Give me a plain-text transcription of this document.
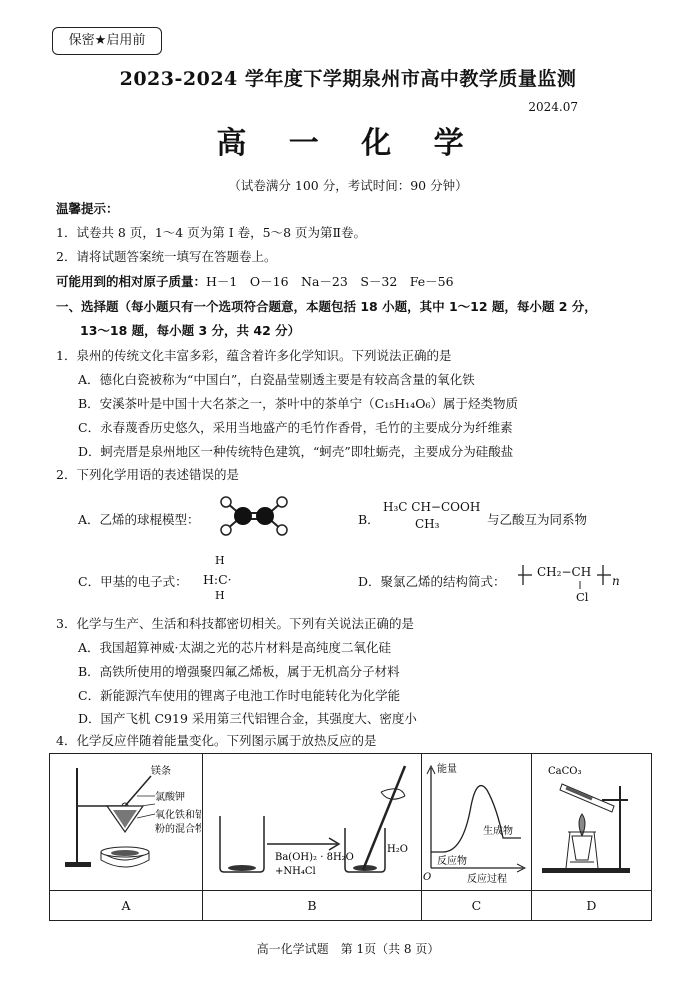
保密★启用前
2023-2024 学年度下学期泉州市高中教学质量监测
2024.07
高 一 化 学
（试卷满分 100 分，考试时间：90 分钟）
温馨提示：
1．试卷共 8 页，1～4 页为第 I 卷，5～8 页为第Ⅱ卷。
2．请将试题答案统一填写在答题卷上。
可能用到的相对原子质量：H－1　O－16　Na－23　S－32　Fe－56
一、选择题（每小题只有一个选项符合题意，本题包括 18 小题，其中 1～12 题，每小题 2 分，
13～18 题，每小题 3 分，共 42 分）
1．泉州的传统文化丰富多彩，蕴含着许多化学知识。下列说法正确的是
A．德化白瓷被称为“中国白”，白瓷晶莹剔透主要是有较高含量的氧化铁
B．安溪茶叶是中国十大名茶之一，茶叶中的茶单宁（C₁₅H₁₄O₆）属于烃类物质
C．永春蔑香历史悠久，采用当地盛产的毛竹作香骨，毛竹的主要成分为纤维素
D．蚵壳厝是泉州地区一种传统特色建筑，“蚵壳”即牡蛎壳，主要成分为硅酸盐
2．下列化学用语的表述错误的是
A．乙烯的球棍模型：	B．
H₃C CH−COOH
CH₃	与乙酸互为同系物
C．甲基的电子式： H:C·
H
H
D．聚氯乙烯的结构简式：
CH₂−CH
Cl
n
3．化学与生产、生活和科技都密切相关。下列有关说法正确的是
A．我国超算神威·太湖之光的芯片材料是高纯度二氧化硅
B．高铁所使用的增强聚四氟乙烯板，属于无机高分子材料
C．新能源汽车使用的锂离子电池工作时电能转化为化学能
D．国产飞机 C919 采用第三代铝锂合金，其强度大、密度小
4．化学反应伴随着能量变化。下列图示属于放热反应的是
镁条
氯酸钾
氧化铁和铝
粉的混合物	Ba(OH)₂ · 8H₂O
+NH₄Cl
H₂O	能量
反应物
生成物
反应过程
O	CaCO₃

A	B	C	D
高一化学试题　第 1页（共 8 页）
